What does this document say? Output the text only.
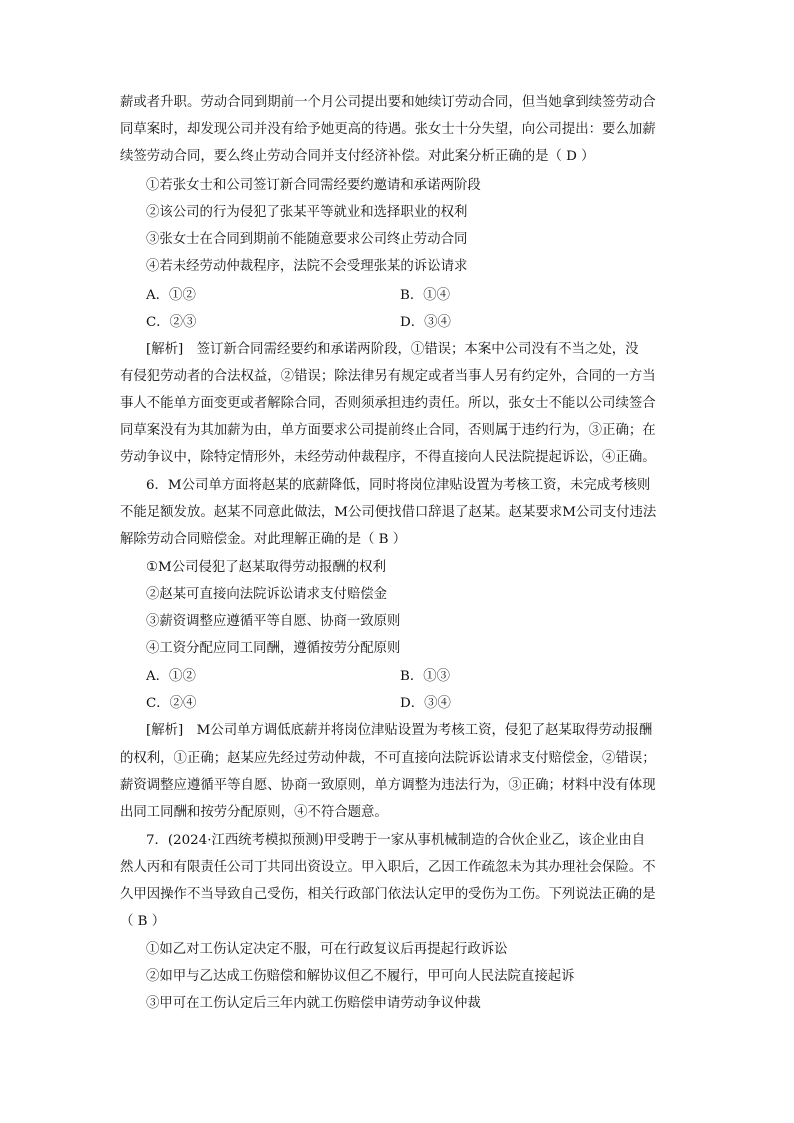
薪或者升职。劳动合同到期前一个月公司提出要和她续订劳动合同，但当她拿到续签劳动合
同草案时，却发现公司并没有给予她更高的待遇。张女士十分失望，向公司提出：要么加薪
续签劳动合同，要么终止劳动合同并支付经济补偿。对此案分析正确的是（ D ）
①若张女士和公司签订新合同需经要约邀请和承诺两阶段
②该公司的行为侵犯了张某平等就业和选择职业的权利
③张女士在合同到期前不能随意要求公司终止劳动合同
④若未经劳动仲裁程序，法院不会受理张某的诉讼请求
A．①②	B．①④
C．②③	D．③④
[解析]　签订新合同需经要约和承诺两阶段，①错误；本案中公司没有不当之处，没
有侵犯劳动者的合法权益，②错误；除法律另有规定或者当事人另有约定外，合同的一方当
事人不能单方面变更或者解除合同，否则须承担违约责任。所以，张女士不能以公司续签合
同草案没有为其加薪为由，单方面要求公司提前终止合同，否则属于违约行为，③正确；在
劳动争议中，除特定情形外，未经劳动仲裁程序，不得直接向人民法院提起诉讼，④正确。
6．M公司单方面将赵某的底薪降低，同时将岗位津贴设置为考核工资，未完成考核则
不能足额发放。赵某不同意此做法，M公司便找借口辞退了赵某。赵某要求M公司支付违法
解除劳动合同赔偿金。对此理解正确的是（ B ）
①M公司侵犯了赵某取得劳动报酬的权利
②赵某可直接向法院诉讼请求支付赔偿金
③薪资调整应遵循平等自愿、协商一致原则
④工资分配应同工同酬，遵循按劳分配原则
A．①②	B．①③
C．②④	D．③④
[解析]　M公司单方调低底薪并将岗位津贴设置为考核工资，侵犯了赵某取得劳动报酬
的权利，①正确；赵某应先经过劳动仲裁，不可直接向法院诉讼请求支付赔偿金，②错误；
薪资调整应遵循平等自愿、协商一致原则，单方调整为违法行为，③正确；材料中没有体现
出同工同酬和按劳分配原则，④不符合题意。
7．(2024·江西统考模拟预测)甲受聘于一家从事机械制造的合伙企业乙，该企业由自
然人丙和有限责任公司丁共同出资设立。甲入职后，乙因工作疏忽未为其办理社会保险。不
久甲因操作不当导致自己受伤，相关行政部门依法认定甲的受伤为工伤。下列说法正确的是
（ B ）
①如乙对工伤认定决定不服，可在行政复议后再提起行政诉讼
②如甲与乙达成工伤赔偿和解协议但乙不履行，甲可向人民法院直接起诉
③甲可在工伤认定后三年内就工伤赔偿申请劳动争议仲裁
